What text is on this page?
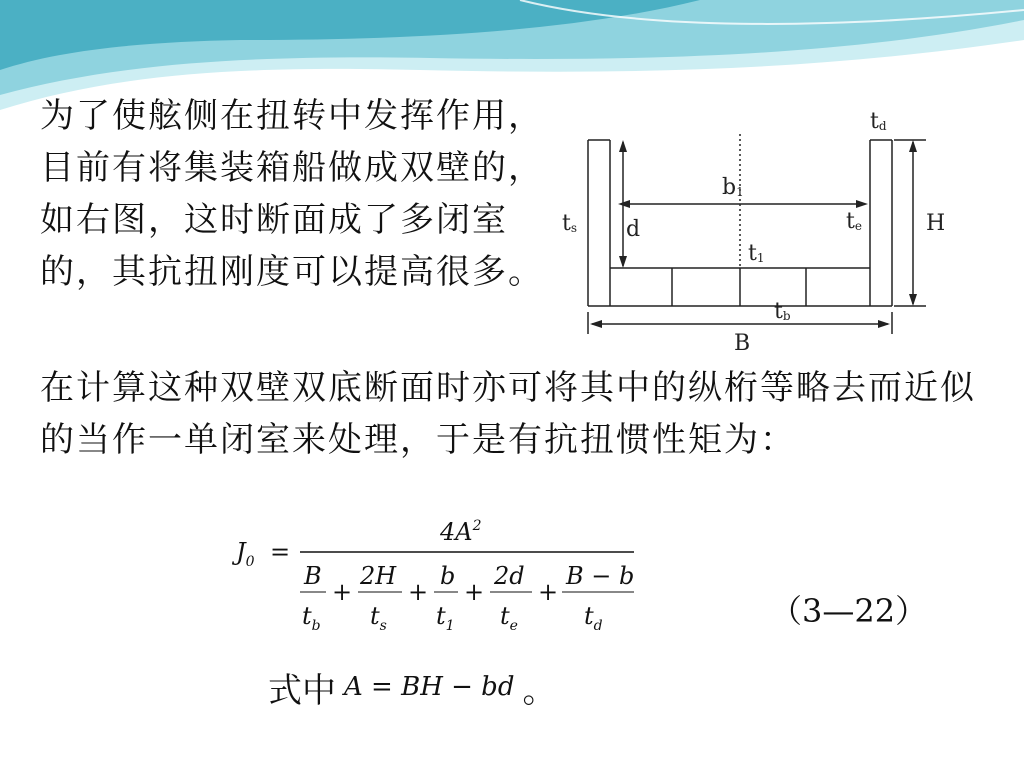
为了使舷侧在扭转中发挥作用，目前有将集装箱船做成双壁的，如右图，这时断面成了多闭室的，其抗扭刚度可以提高很多。

在计算这种双壁双底断面时亦可将其中的纵桁等略去而近似的当作一单闭室来处理，于是有抗扭惯性矩为：

td
ts	te
b1
d	H
t1
tb
B
$J_0$ =
$4A^2$
B
$t_b$
+
2H
$t_s$
+
b
$t_1$
+
2d
$t_e$
+
B − b
$t_d$	（3—22）
式中 A = BH − bd 。
